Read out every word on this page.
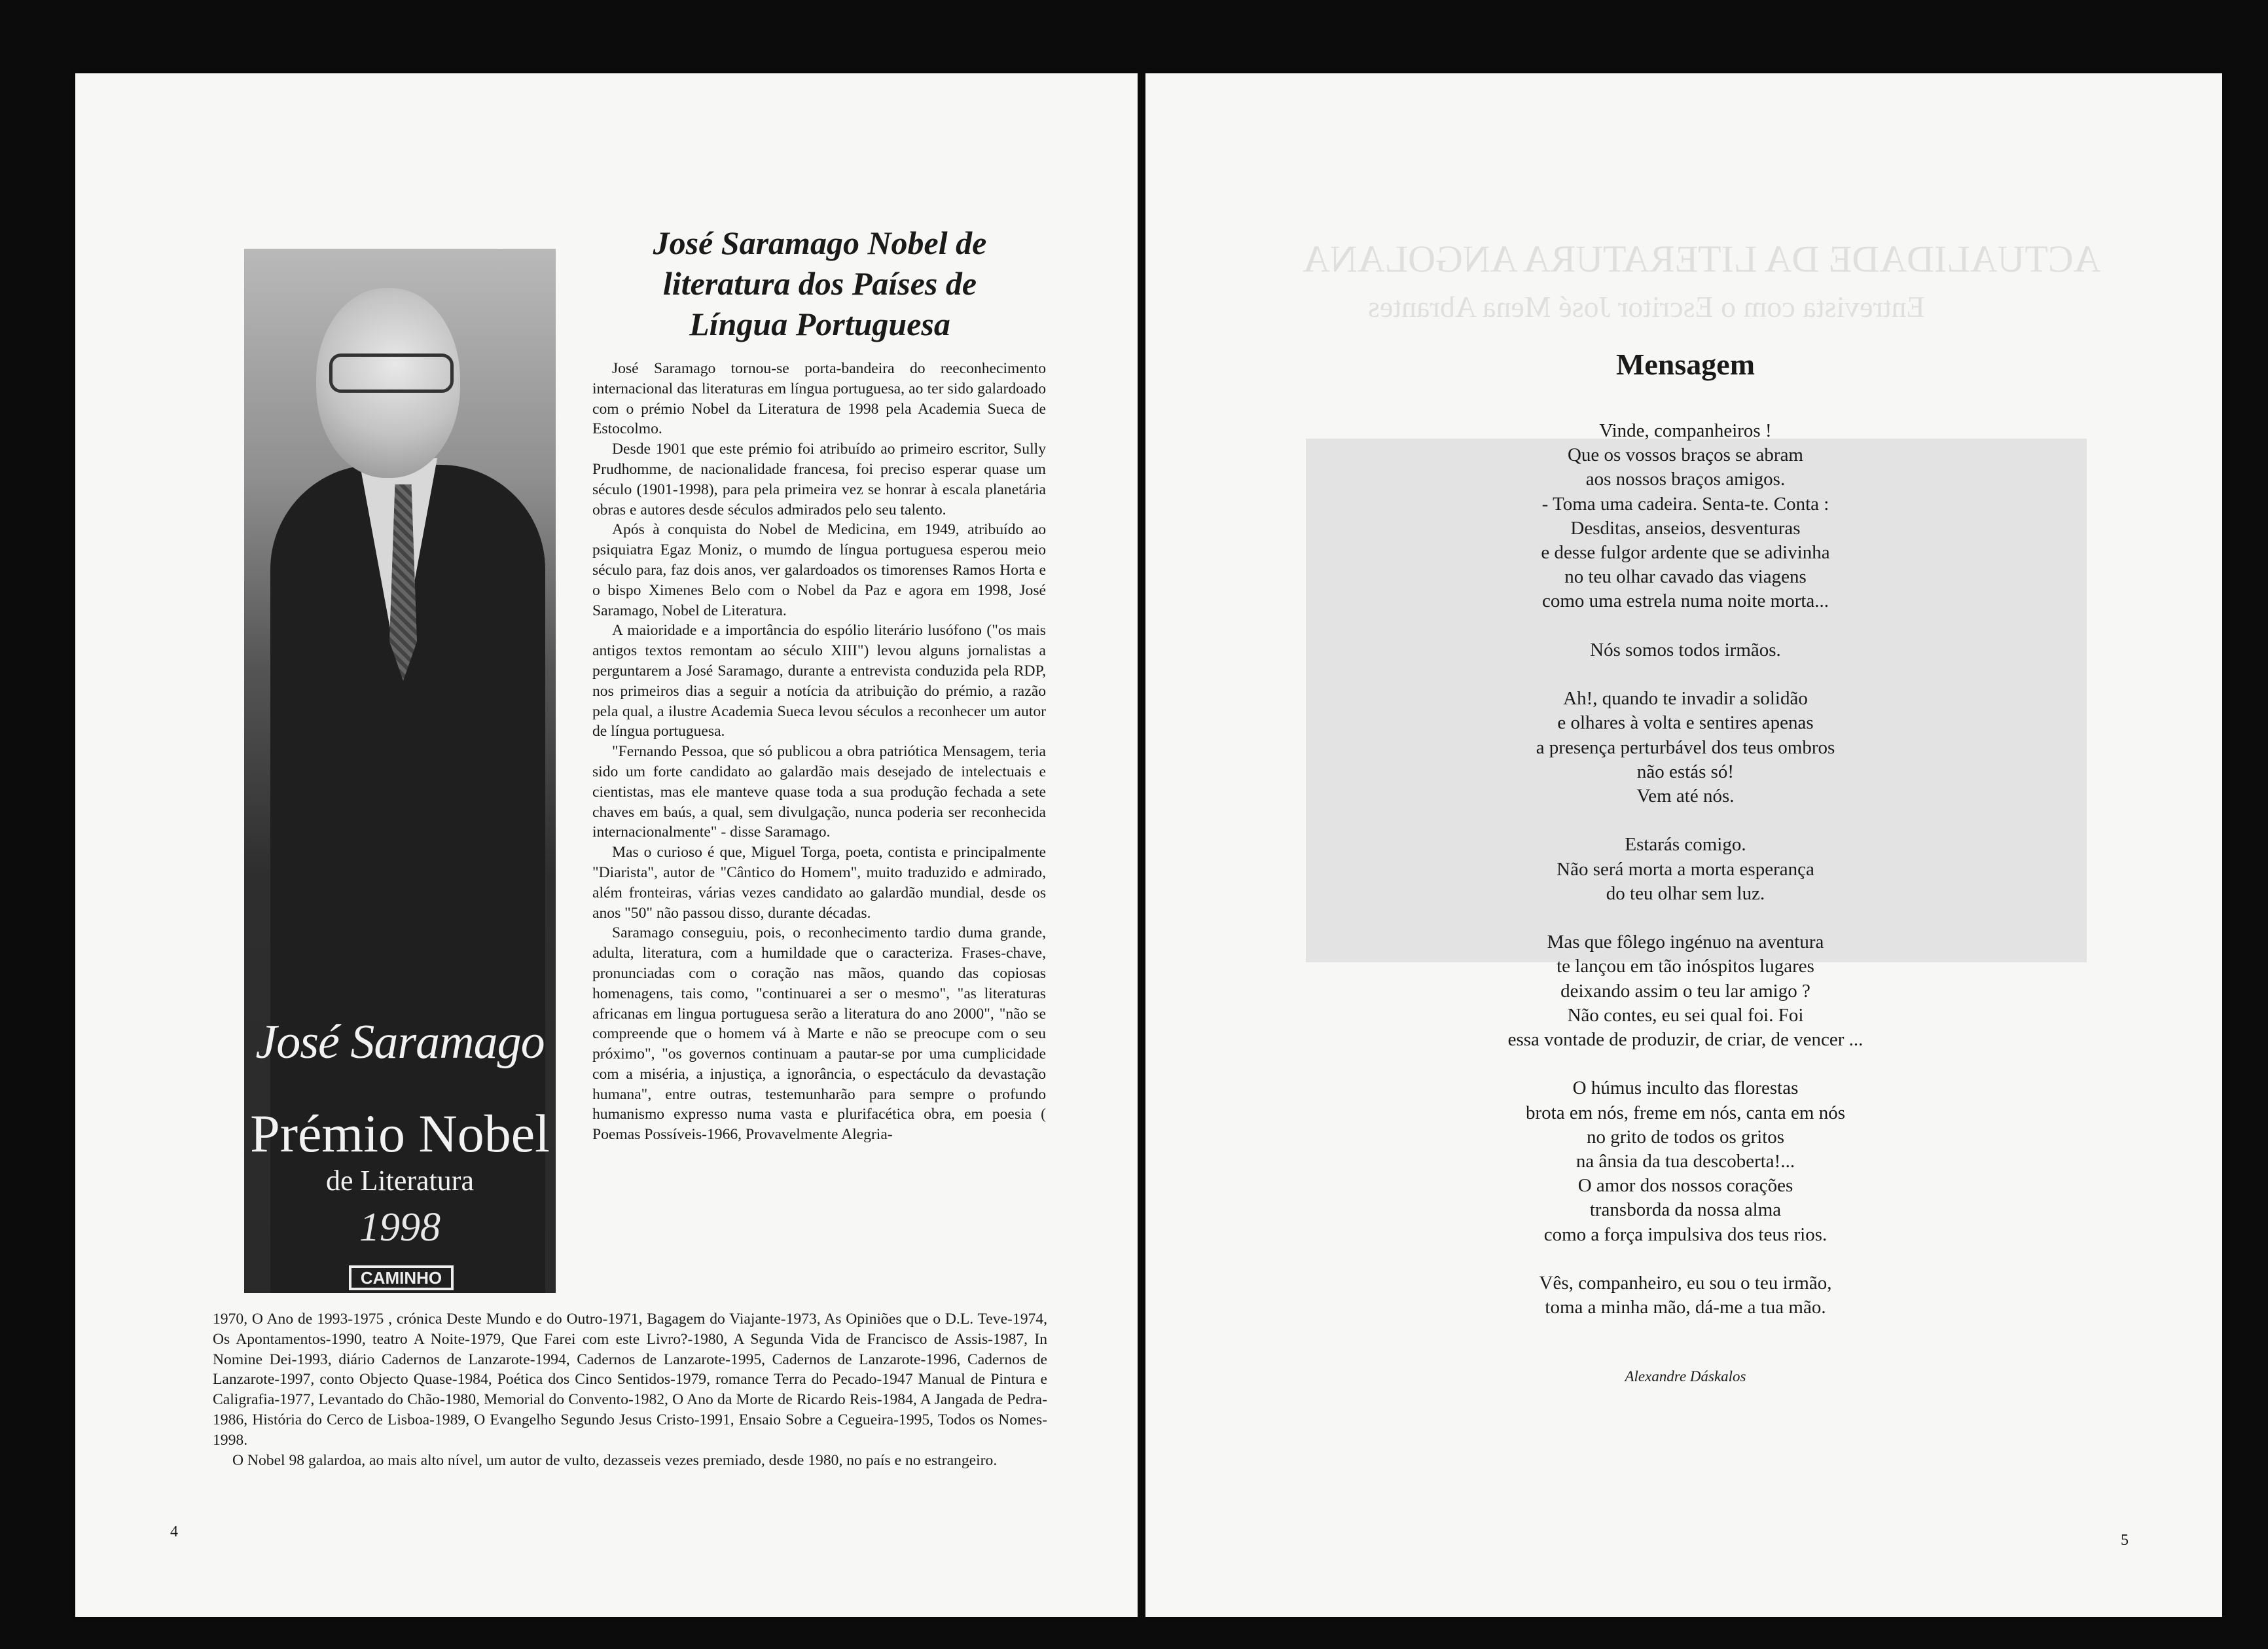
José Saramago
Prémio Nobel
de Literatura
1998
CAMINHO
José Saramago Nobel de
literatura dos Países de
Língua Portuguesa

José Saramago tornou-se porta-bandeira do reeconhecimento internacional das literaturas em língua portuguesa, ao ter sido galardoado com o prémio Nobel da Literatura de 1998 pela Academia Sueca de Estocolmo.

Desde 1901 que este prémio foi atribuído ao primeiro escritor, Sully Prudhomme, de nacionalidade francesa, foi preciso esperar quase um século (1901-1998), para pela primeira vez se honrar à escala planetária obras e autores desde séculos admirados pelo seu talento.

Após à conquista do Nobel de Medicina, em 1949, atribuído ao psiquiatra Egaz Moniz, o mumdo de língua portuguesa esperou meio século para, faz dois anos, ver galardoados os timorenses Ramos Horta e o bispo Ximenes Belo com o Nobel da Paz e agora em 1998, José Saramago, Nobel de Literatura.

A maioridade e a importância do espólio literário lusófono ("os mais antigos textos remontam ao século XIII") levou alguns jornalistas a perguntarem a José Saramago, durante a entrevista conduzida pela RDP, nos primeiros dias a seguir a notícia da atribuição do prémio, a razão pela qual, a ilustre Academia Sueca levou séculos a reconhecer um autor de língua portuguesa.

"Fernando Pessoa, que só publicou a obra patriótica Mensagem, teria sido um forte candidato ao galardão mais desejado de intelectuais e cientistas, mas ele manteve quase toda a sua produção fechada a sete chaves em baús, a qual, sem divulgação, nunca poderia ser reconhecida internacionalmente" - disse Saramago.

Mas o curioso é que, Miguel Torga, poeta, contista e principalmente "Diarista", autor de "Cântico do Homem", muito traduzido e admirado, além fronteiras, várias vezes candidato ao galardão mundial, desde os anos "50" não passou disso, durante décadas.

Saramago conseguiu, pois, o reconhecimento tardio duma grande, adulta, literatura, com a humildade que o caracteriza. Frases-chave, pronunciadas com o coração nas mãos, quando das copiosas homenagens, tais como, "continuarei a ser o mesmo", "as literaturas africanas em lingua portuguesa serão a literatura do ano 2000", "não se compreende que o homem vá à Marte e não se preocupe com o seu próximo", "os governos continuam a pautar-se por uma cumplicidade com a miséria, a injustiça, a ignorância, o espectáculo da devastação humana", entre outras, testemunharão para sempre o profundo humanismo expresso numa vasta e plurifacética obra, em poesia ( Poemas Possíveis-1966, Provavelmente Alegria-

1970, O Ano de 1993-1975 , crónica Deste Mundo e do Outro-1971, Bagagem do Viajante-1973, As Opiniões que o D.L. Teve-1974, Os Apontamentos-1990, teatro A Noite-1979, Que Farei com este Livro?-1980, A Segunda Vida de Francisco de Assis-1987, In Nomine Dei-1993, diário Cadernos de Lanzarote-1994, Cadernos de Lanzarote-1995, Cadernos de Lanzarote-1996, Cadernos de Lanzarote-1997, conto Objecto Quase-1984, Poética dos Cinco Sentidos-1979, romance Terra do Pecado-1947 Manual de Pintura e Caligrafia-1977, Levantado do Chão-1980, Memorial do Convento-1982, O Ano da Morte de Ricardo Reis-1984, A Jangada de Pedra-1986, História do Cerco de Lisboa-1989, O Evangelho Segundo Jesus Cristo-1991, Ensaio Sobre a Cegueira-1995, Todos os Nomes-1998.

O Nobel 98 galardoa, ao mais alto nível, um autor de vulto, dezasseis vezes premiado, desde 1980, no país e no estrangeiro.

4
ACTUALIDADE DA LITERATURA ANGOLANA
Entrevista com o Escritor José Mena Abrantes
Mensagem
Vinde, companheiros !
Que os vossos braços se abram
aos nossos braços amigos.
- Toma uma cadeira. Senta-te. Conta :
Desditas, anseios, desventuras
e desse fulgor ardente que se adivinha
no teu olhar cavado das viagens
como uma estrela numa noite morta...
Nós somos todos irmãos.
Ah!, quando te invadir a solidão
e olhares à volta e sentires apenas
a presença perturbável dos teus ombros
não estás só!
Vem até nós.
Estarás comigo.
Não será morta a morta esperança
do teu olhar sem luz.
Mas que fôlego ingénuo na aventura
te lançou em tão inóspitos lugares
deixando assim o teu lar amigo ?
Não contes, eu sei qual foi. Foi
essa vontade de produzir, de criar, de vencer ...
O húmus inculto das florestas
brota em nós, freme em nós, canta em nós
no grito de todos os gritos
na ânsia da tua descoberta!...
O amor dos nossos corações
transborda da nossa alma
como a força impulsiva dos teus rios.
Vês, companheiro, eu sou o teu irmão,
toma a minha mão, dá-me a tua mão.
Alexandre Dáskalos
5
